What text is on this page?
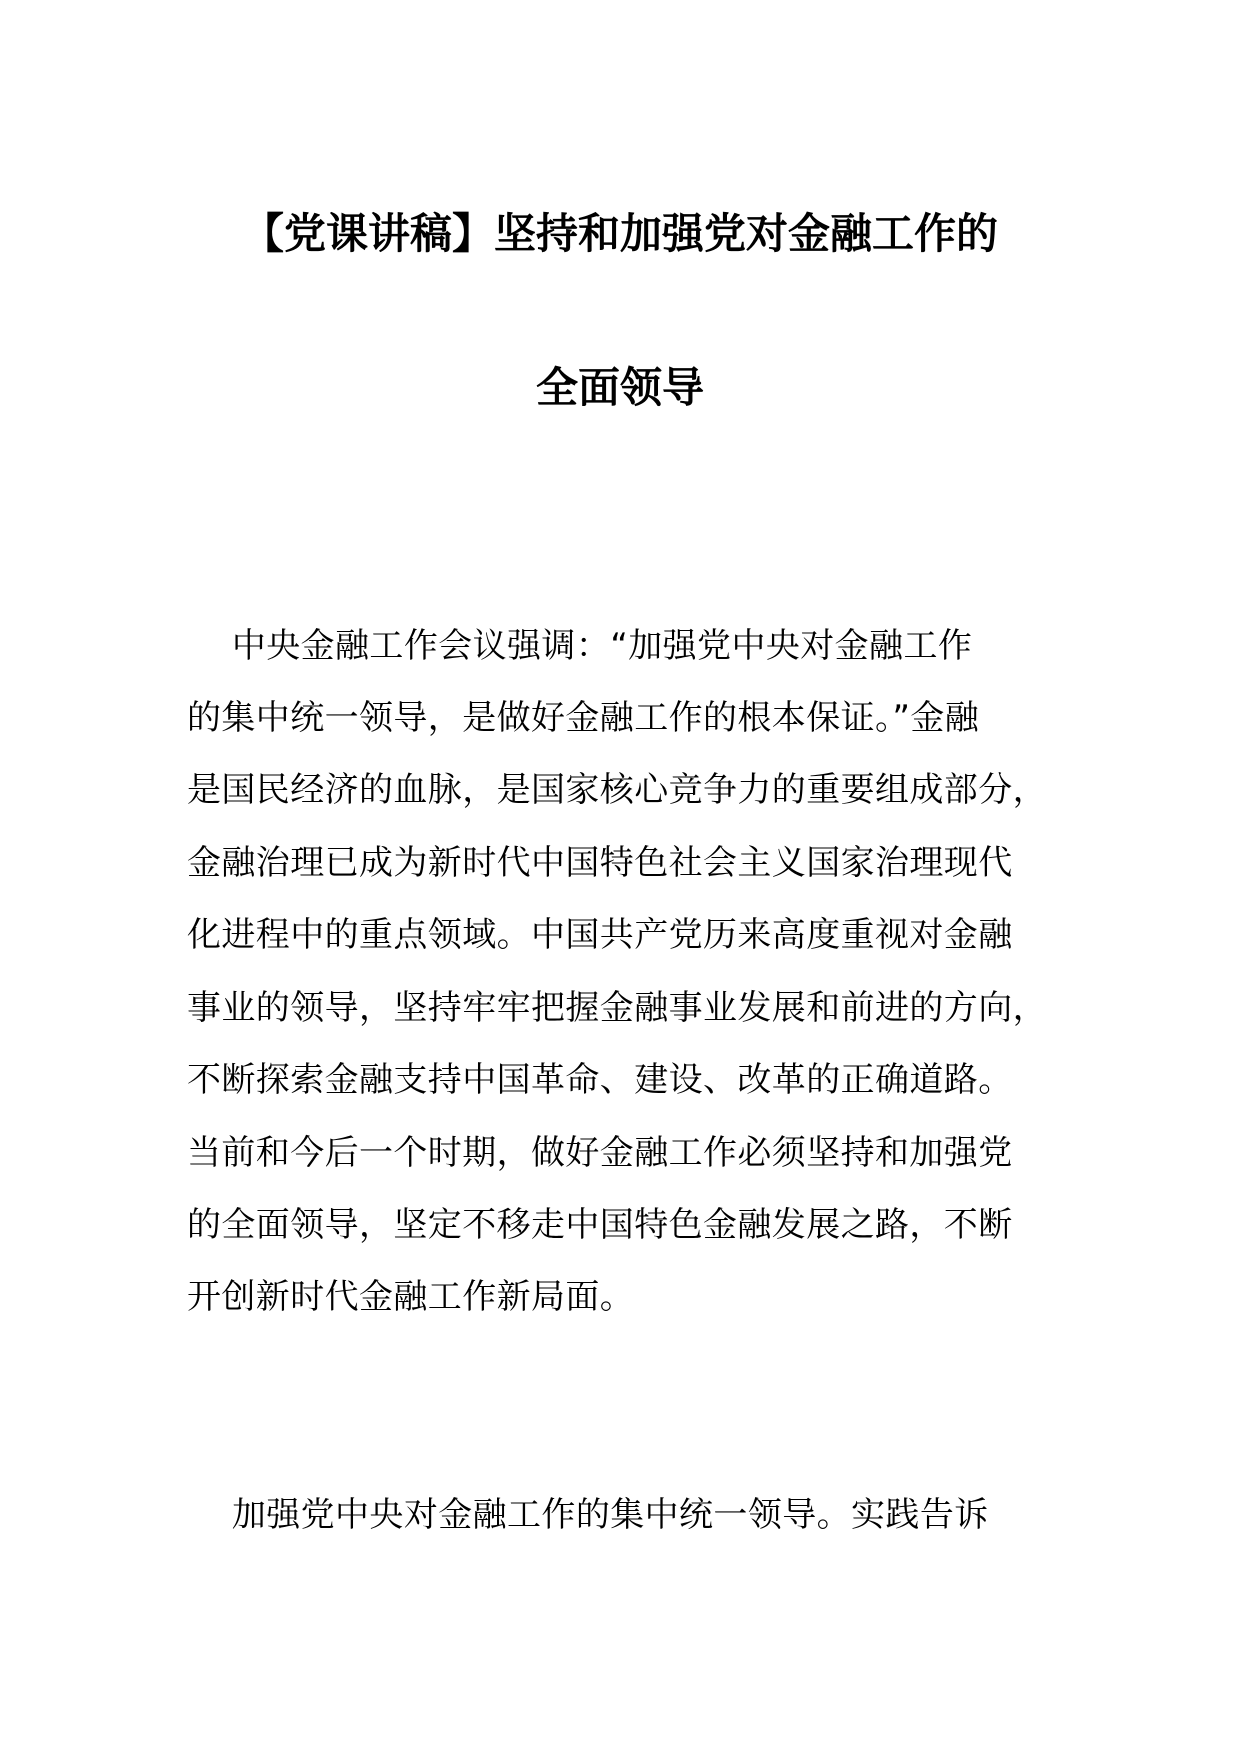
【党课讲稿】坚持和加强党对金融工作的
全面领导
中央金融工作会议强调：“加强党中央对金融工作
的集中统一领导，是做好金融工作的根本保证。”金融
是国民经济的血脉，是国家核心竞争力的重要组成部分，
金融治理已成为新时代中国特色社会主义国家治理现代
化进程中的重点领域。中国共产党历来高度重视对金融
事业的领导，坚持牢牢把握金融事业发展和前进的方向，
不断探索金融支持中国革命、建设、改革的正确道路。
当前和今后一个时期，做好金融工作必须坚持和加强党
的全面领导，坚定不移走中国特色金融发展之路，不断
开创新时代金融工作新局面。
加强党中央对金融工作的集中统一领导。实践告诉
